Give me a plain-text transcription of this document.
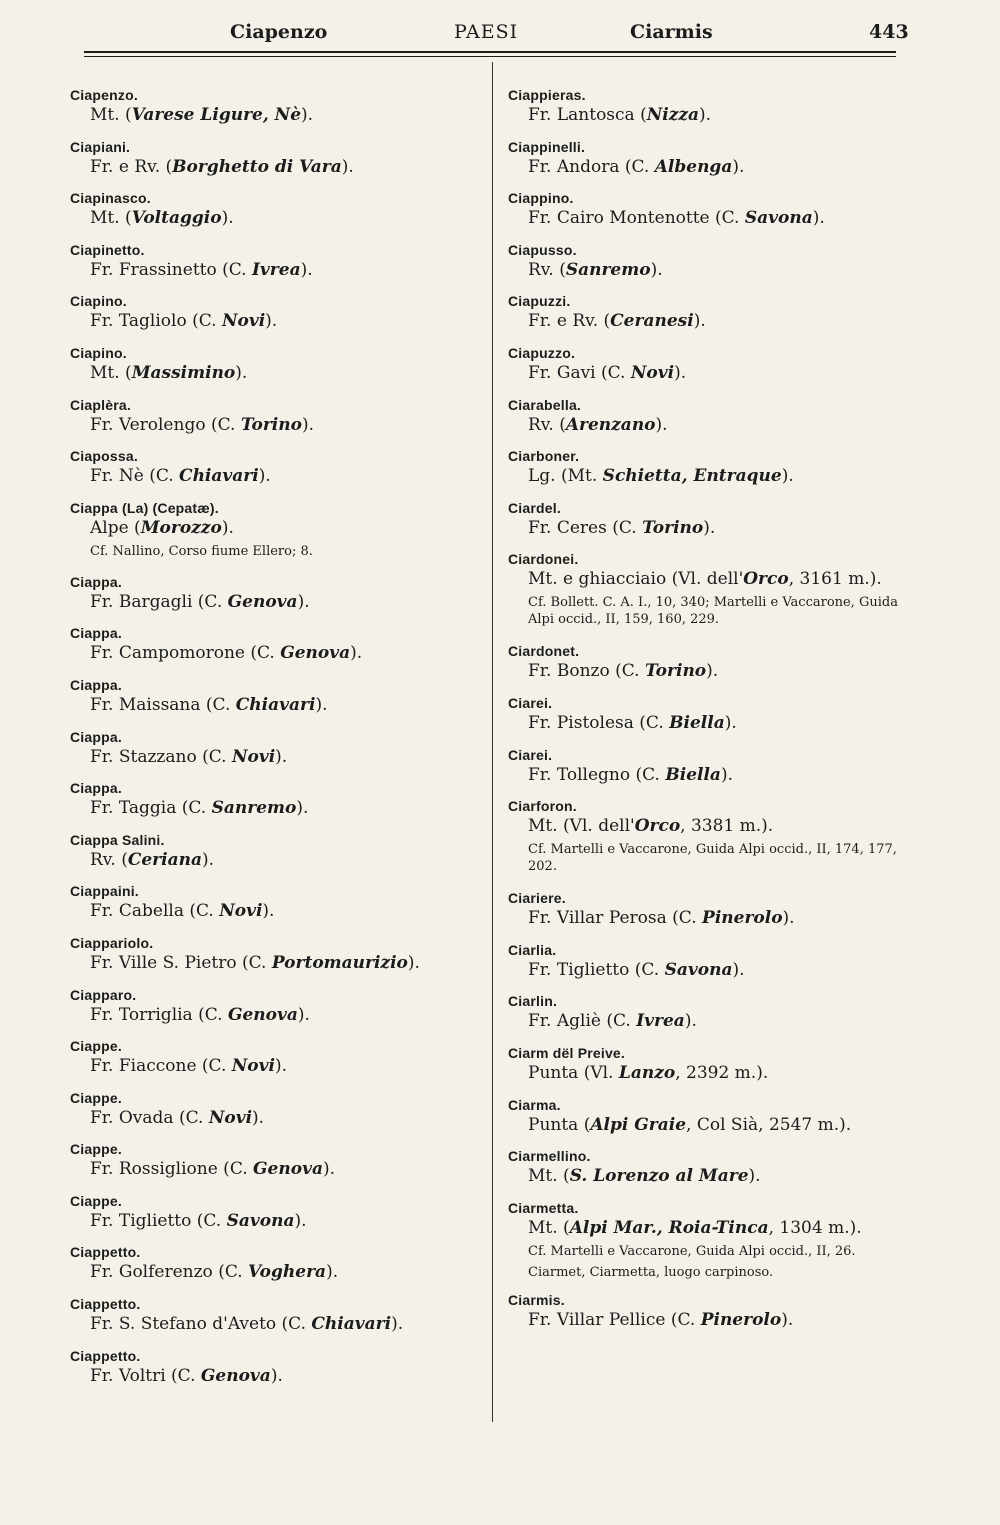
Ciapenzo	PAESI	Ciarmis	443
Ciapenzo.
Mt. (Varese Ligure, Nè).
Ciapiani.
Fr. e Rv. (Borghetto di Vara).
Ciapinasco.
Mt. (Voltaggio).
Ciapinetto.
Fr. Frassinetto (C. Ivrea).
Ciapino.
Fr. Tagliolo (C. Novi).
Ciapino.
Mt. (Massimino).
Ciaplèra.
Fr. Verolengo (C. Torino).
Ciapossa.
Fr. Nè (C. Chiavari).
Ciappa (La) (Cepatæ).
Alpe (Morozzo).
Cf. Nallino, Corso fiume Ellero; 8.
Ciappa.
Fr. Bargagli (C. Genova).
Ciappa.
Fr. Campomorone (C. Genova).
Ciappa.
Fr. Maissana (C. Chiavari).
Ciappa.
Fr. Stazzano (C. Novi).
Ciappa.
Fr. Taggia (C. Sanremo).
Ciappa Salini.
Rv. (Ceriana).
Ciappaini.
Fr. Cabella (C. Novi).
Ciappariolo.
Fr. Ville S. Pietro (C. Portomaurizio).
Ciapparo.
Fr. Torriglia (C. Genova).
Ciappe.
Fr. Fiaccone (C. Novi).
Ciappe.
Fr. Ovada (C. Novi).
Ciappe.
Fr. Rossiglione (C. Genova).
Ciappe.
Fr. Tiglietto (C. Savona).
Ciappetto.
Fr. Golferenzo (C. Voghera).
Ciappetto.
Fr. S. Stefano d'Aveto (C. Chiavari).
Ciappetto.
Fr. Voltri (C. Genova).
Ciappieras.
Fr. Lantosca (Nizza).
Ciappinelli.
Fr. Andora (C. Albenga).
Ciappino.
Fr. Cairo Montenotte (C. Savona).
Ciapusso.
Rv. (Sanremo).
Ciapuzzi.
Fr. e Rv. (Ceranesi).
Ciapuzzo.
Fr. Gavi (C. Novi).
Ciarabella.
Rv. (Arenzano).
Ciarboner.
Lg. (Mt. Schietta, Entraque).
Ciardel.
Fr. Ceres (C. Torino).
Ciardonei.
Mt. e ghiacciaio (Vl. dell'Orco, 3161 m.).
Cf. Bollett. C. A. I., 10, 340; Martelli e Vaccarone, Guida Alpi occid., II, 159, 160, 229.
Ciardonet.
Fr. Bonzo (C. Torino).
Ciarei.
Fr. Pistolesa (C. Biella).
Ciarei.
Fr. Tollegno (C. Biella).
Ciarforon.
Mt. (Vl. dell'Orco, 3381 m.).
Cf. Martelli e Vaccarone, Guida Alpi occid., II, 174, 177, 202.
Ciariere.
Fr. Villar Perosa (C. Pinerolo).
Ciarlia.
Fr. Tiglietto (C. Savona).
Ciarlin.
Fr. Agliè (C. Ivrea).
Ciarm dël Preive.
Punta (Vl. Lanzo, 2392 m.).
Ciarma.
Punta (Alpi Graie, Col Sià, 2547 m.).
Ciarmellino.
Mt. (S. Lorenzo al Mare).
Ciarmetta.
Mt. (Alpi Mar., Roia-Tinca, 1304 m.).
Cf. Martelli e Vaccarone, Guida Alpi occid., II, 26.
Ciarmet, Ciarmetta, luogo carpinoso.
Ciarmis.
Fr. Villar Pellice (C. Pinerolo).
